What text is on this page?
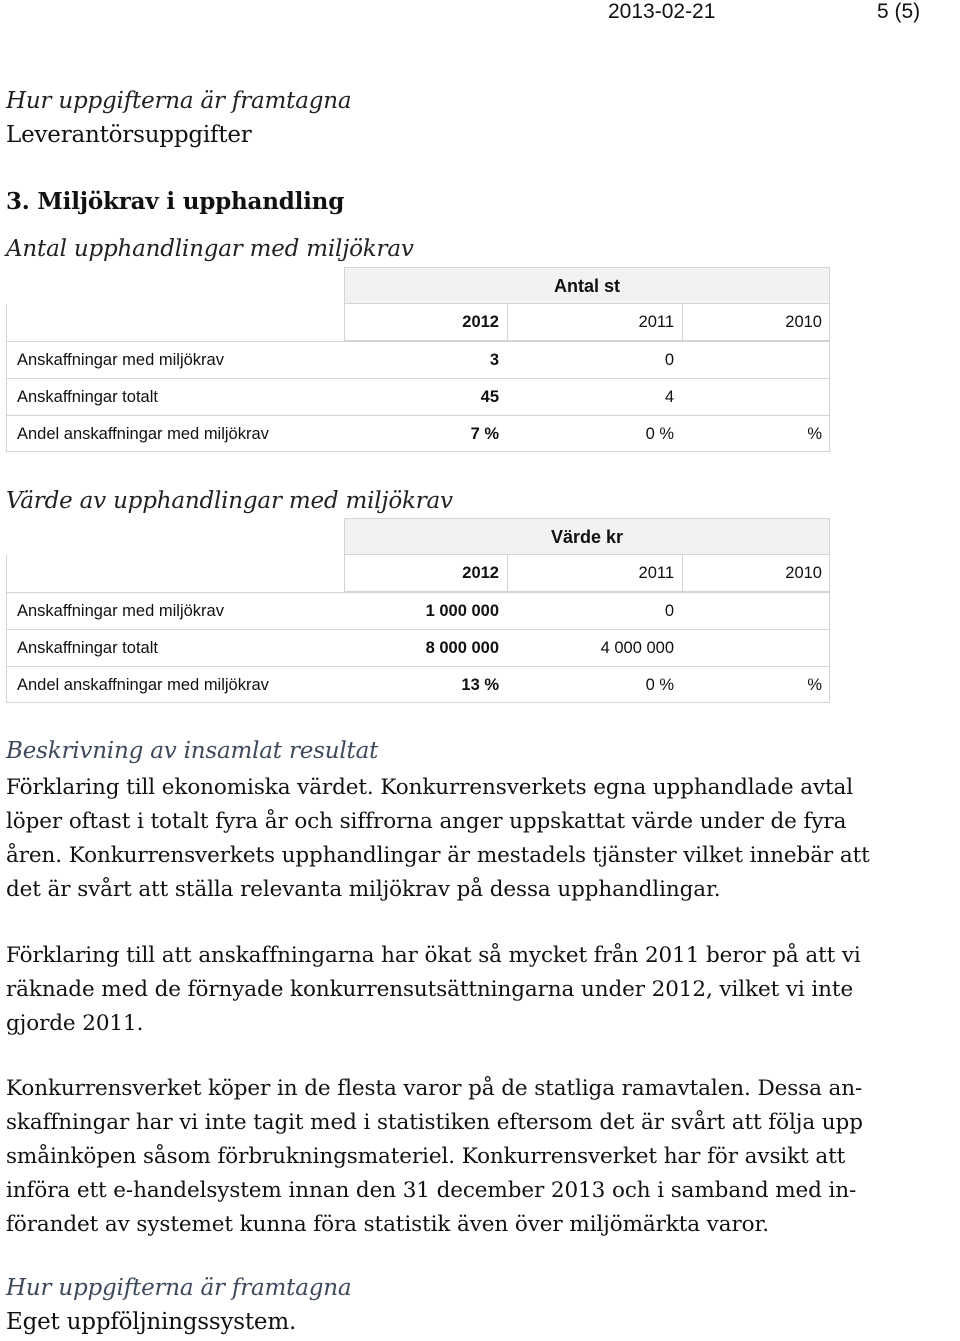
2013-02-21	5 (5)
Hur uppgifterna är framtagna
Leverantörsuppgifter
3. Miljökrav i upphandling
Antal upphandlingar med miljökrav
Antal st
2012	2011	2010
Anskaffningar med miljökrav	3	0
Anskaffningar totalt	45	4
Andel anskaffningar med miljökrav	7 %	0 %	%
Värde av upphandlingar med miljökrav
Värde kr
2012	2011	2010
Anskaffningar med miljökrav	1 000 000	0
Anskaffningar totalt	8 000 000	4 000 000
Andel anskaffningar med miljökrav	13 %	0 %	%
Beskrivning av insamlat resultat
Förklaring till ekonomiska värdet. Konkurrensverkets egna upphandlade avtal
löper oftast i totalt fyra år och siffrorna anger uppskattat värde under de fyra
åren. Konkurrensverkets upphandlingar är mestadels tjänster vilket innebär att
det är svårt att ställa relevanta miljökrav på dessa upphandlingar.
Förklaring till att anskaffningarna har ökat så mycket från 2011 beror på att vi
räknade med de förnyade konkurrensutsättningarna under 2012, vilket vi inte
gjorde 2011.
Konkurrensverket köper in de flesta varor på de statliga ramavtalen. Dessa an-
skaffningar har vi inte tagit med i statistiken eftersom det är svårt att följa upp
småinköpen såsom förbrukningsmateriel. Konkurrensverket har för avsikt att
införa ett e-handelsystem innan den 31 december 2013 och i samband med in-
förandet av systemet kunna föra statistik även över miljömärkta varor.
Hur uppgifterna är framtagna
Eget uppföljningssystem.
